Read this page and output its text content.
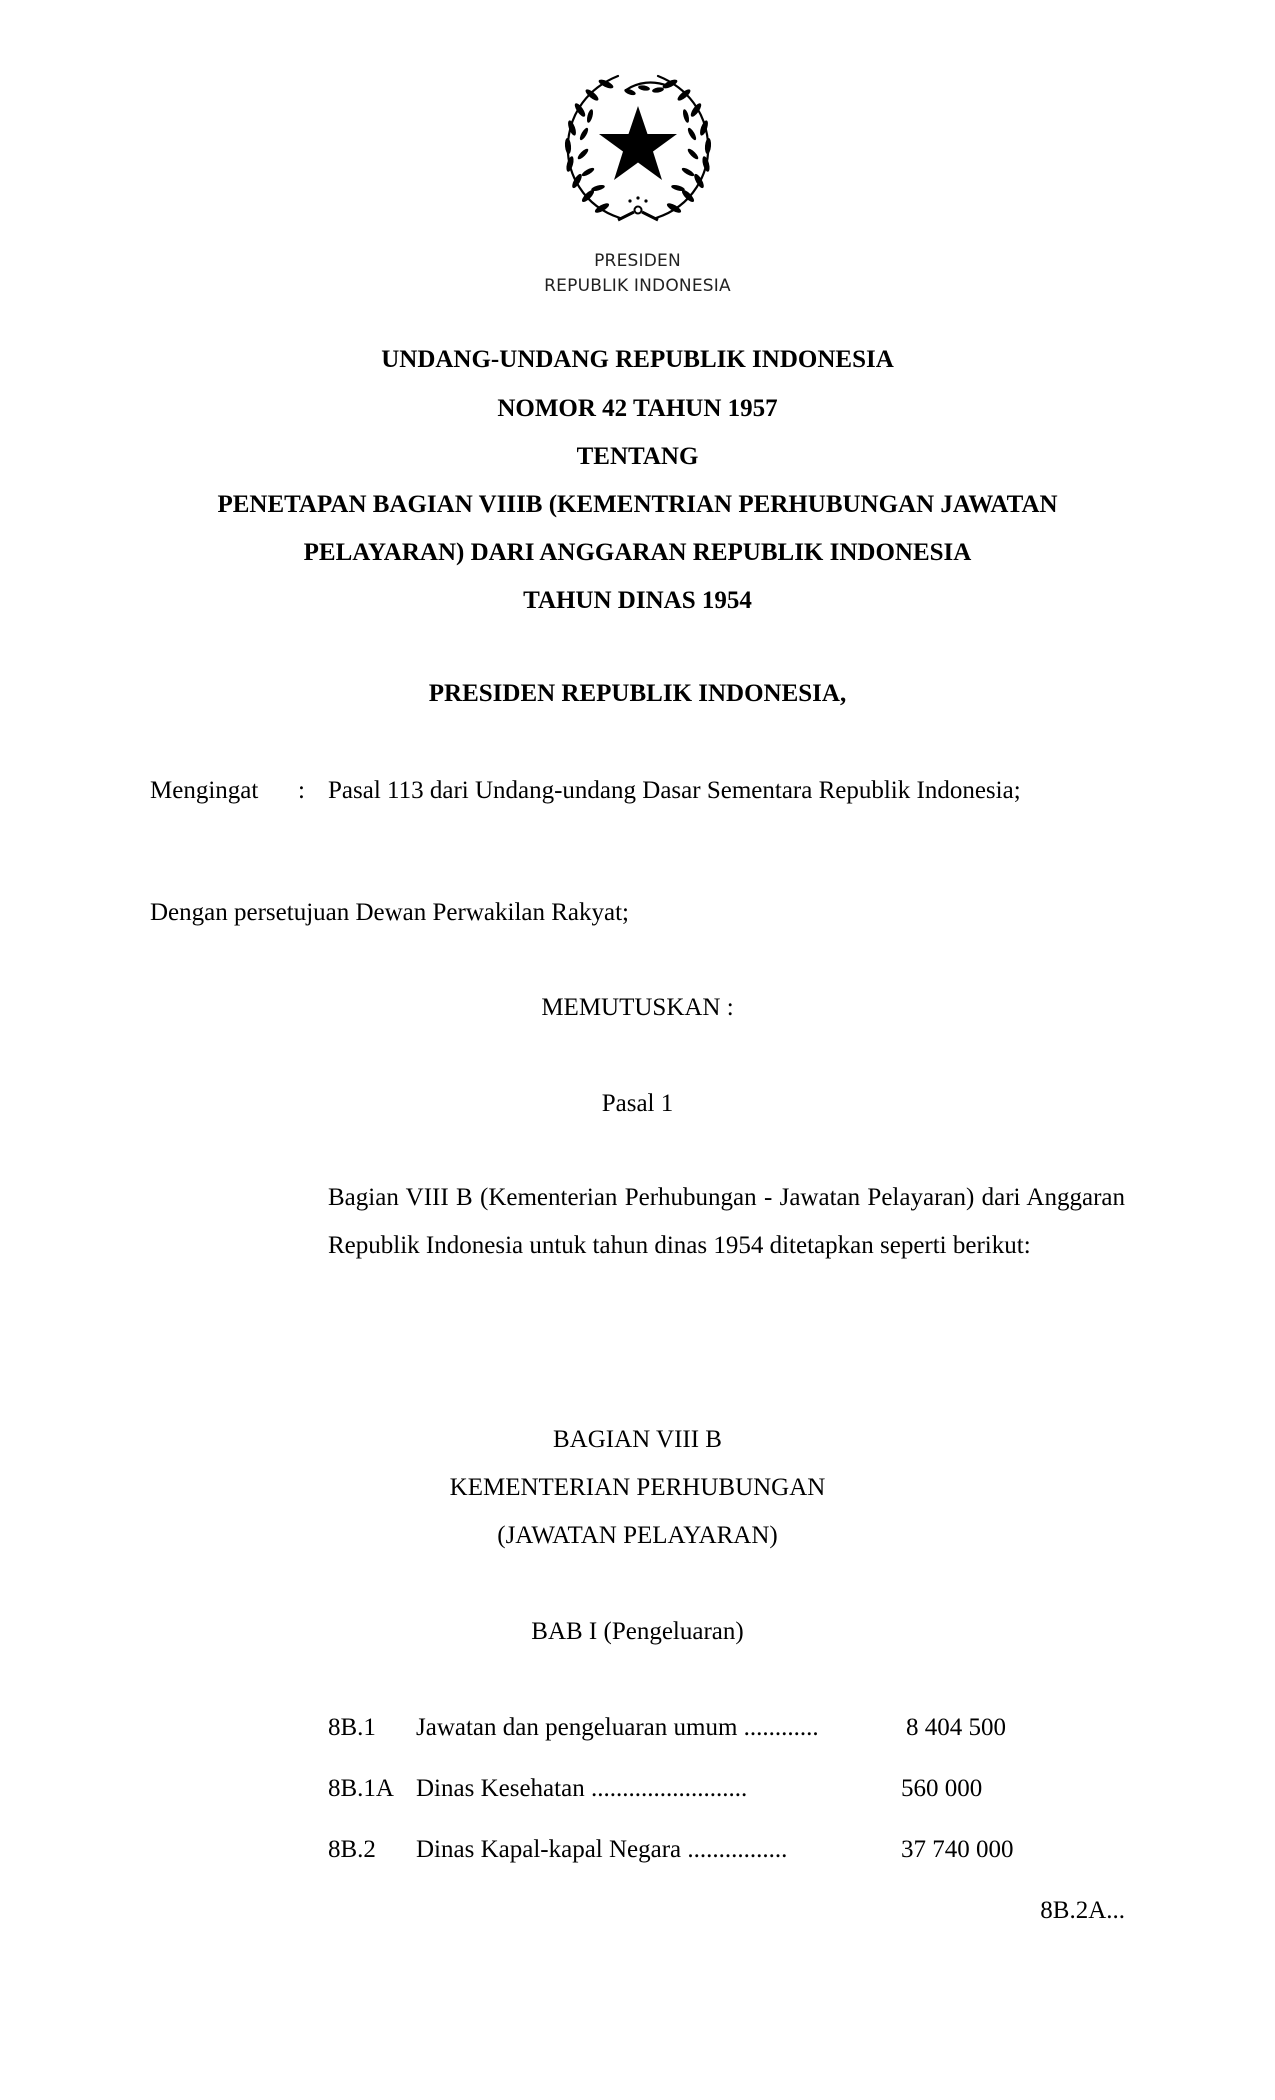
PRESIDEN
REPUBLIK INDONESIA
UNDANG-UNDANG REPUBLIK INDONESIA
NOMOR 42 TAHUN 1957
TENTANG
PENETAPAN BAGIAN VIIIB (KEMENTRIAN PERHUBUNGAN JAWATAN
PELAYARAN) DARI ANGGARAN REPUBLIK INDONESIA
TAHUN DINAS 1954
PRESIDEN REPUBLIK INDONESIA,
Mengingat : Pasal 113 dari Undang-undang Dasar Sementara Republik Indonesia;
Dengan persetujuan Dewan Perwakilan Rakyat;
MEMUTUSKAN :
Pasal 1
Bagian VIII B (Kementerian Perhubungan - Jawatan Pelayaran) dari Anggaran Republik Indonesia untuk tahun dinas 1954 ditetapkan seperti berikut:
BAGIAN VIII B
KEMENTERIAN PERHUBUNGAN
(JAWATAN PELAYARAN)
BAB I (Pengeluaran)
8B.1 Jawatan dan pengeluaran umum ............	8 404 500
8B.1A Dinas Kesehatan .........................	560 000
8B.2 Dinas Kapal-kapal Negara ................	37 740 000
8B.2A...
